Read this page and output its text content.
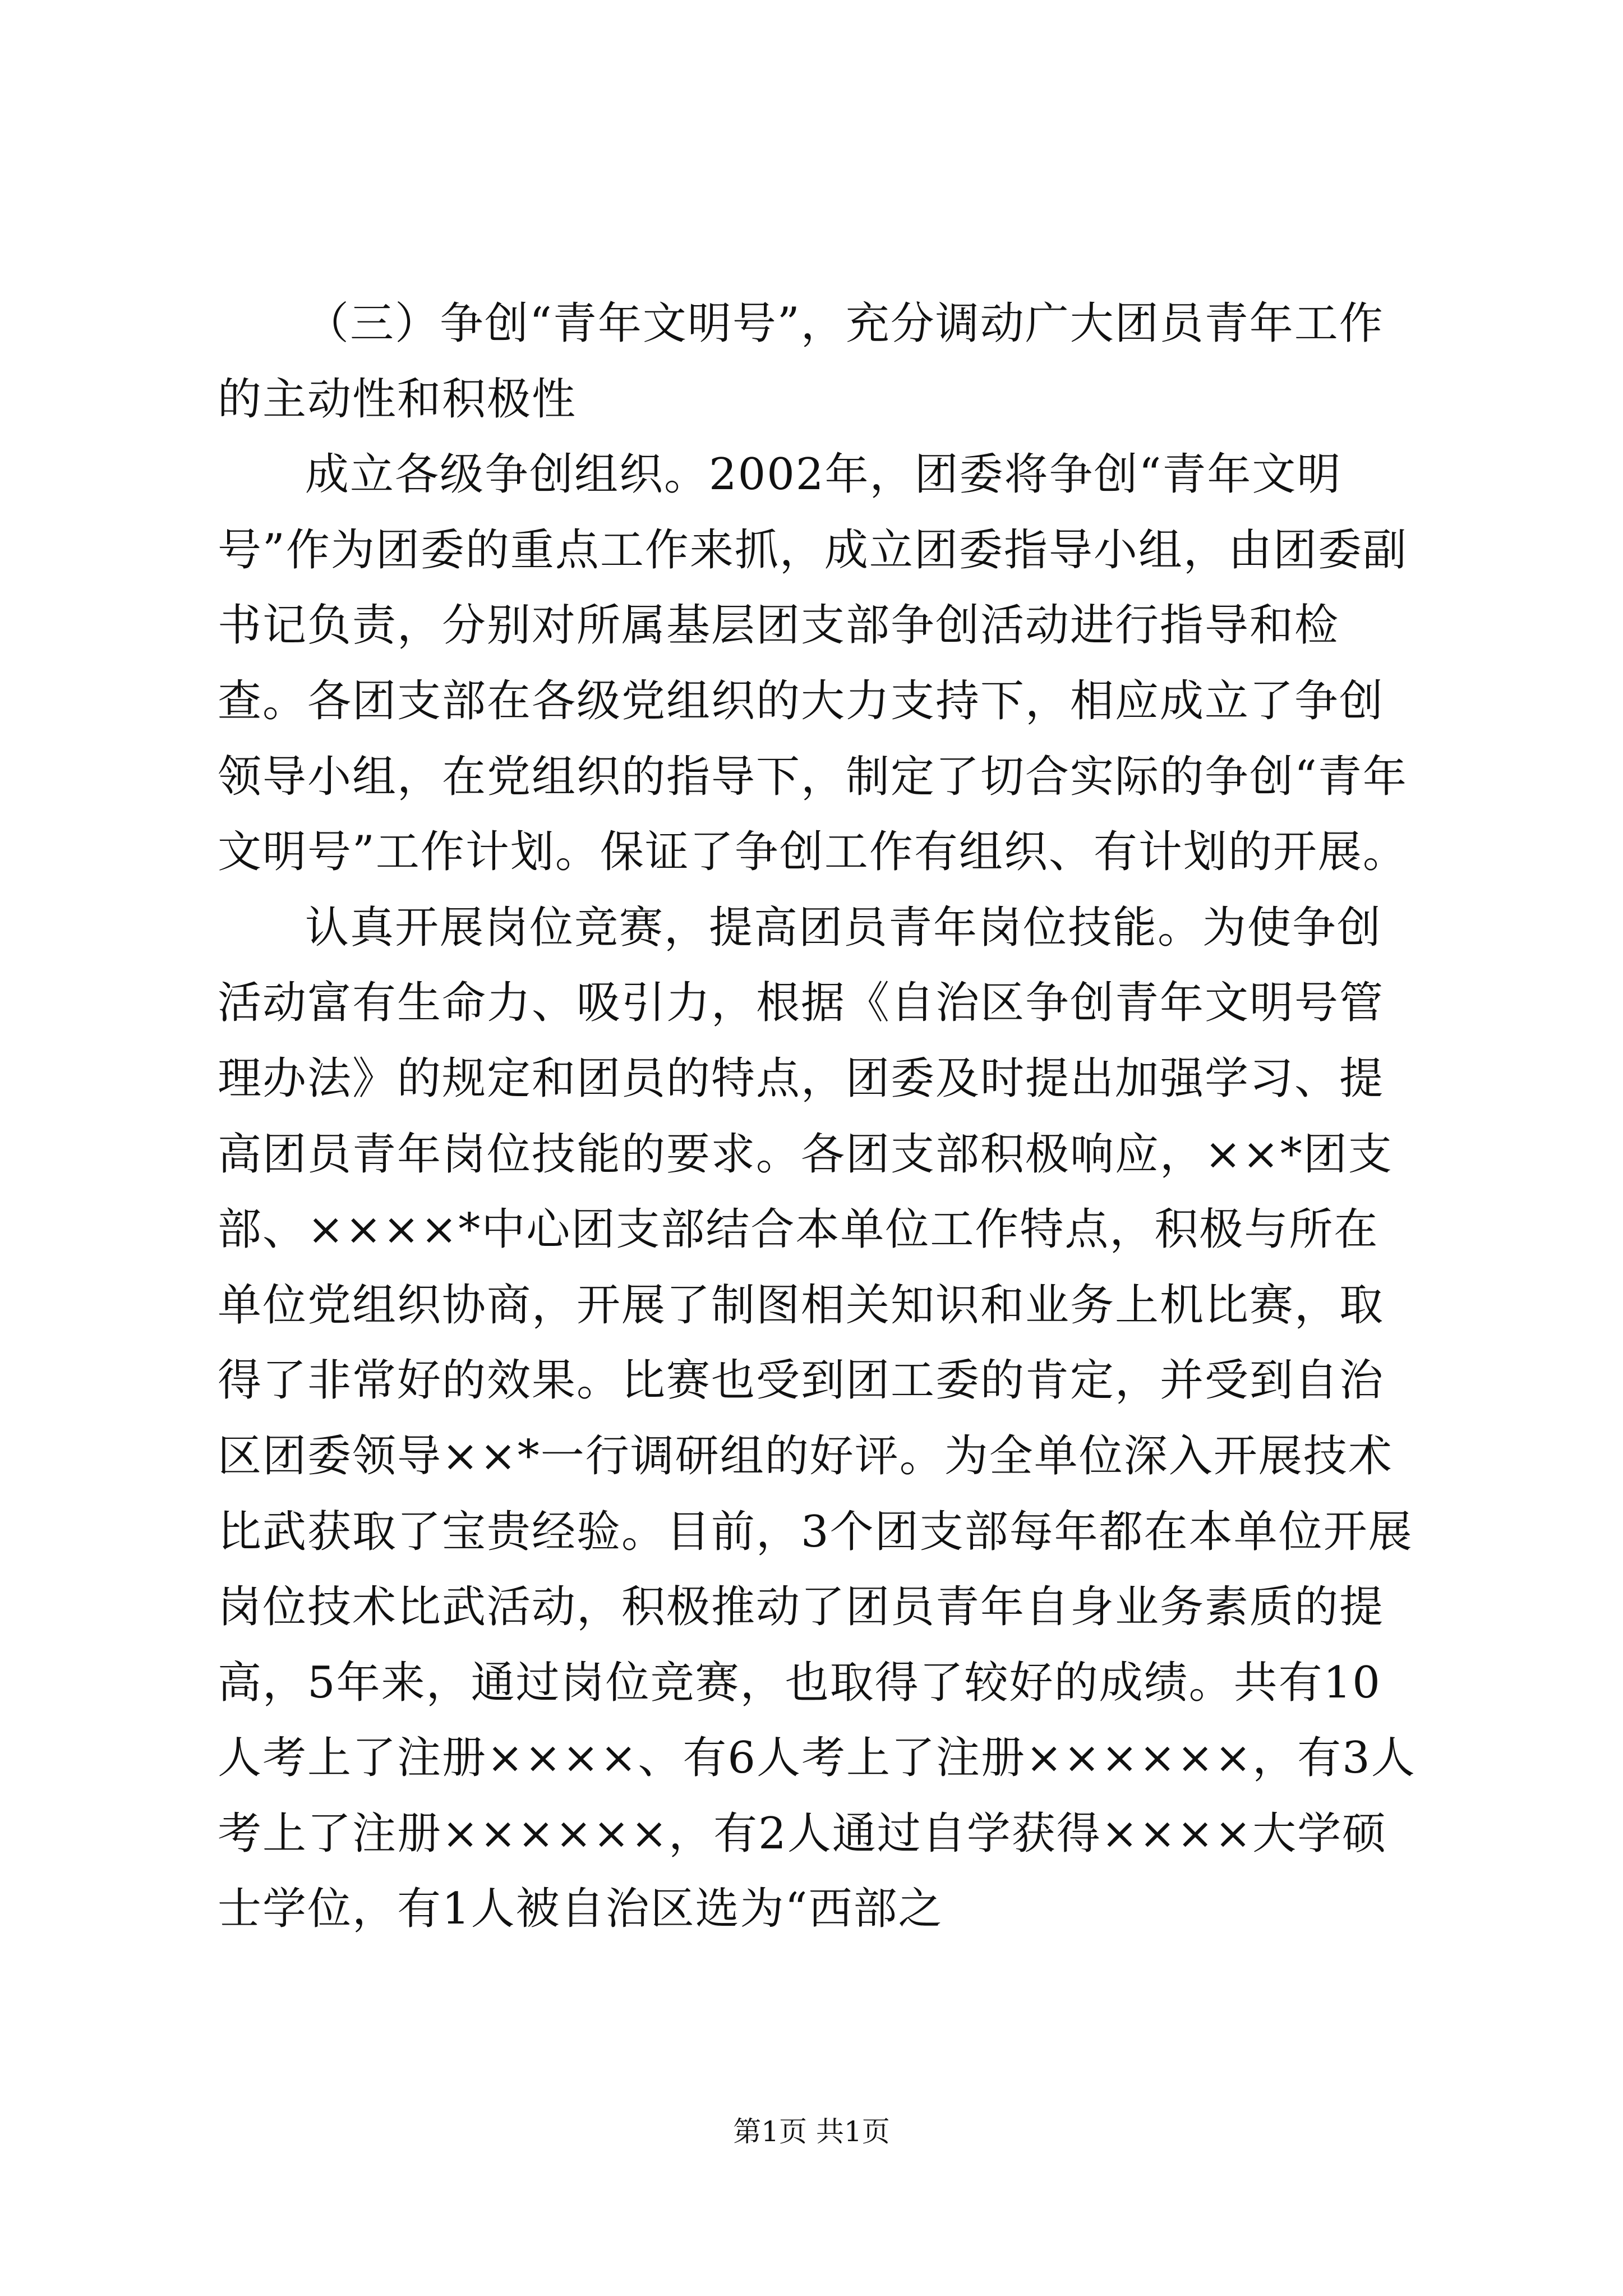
（三）争创“青年文明号”，充分调动广大团员青年工作的主动性和积极性

成立各级争创组织。2002年，团委将争创“青年文明号”作为团委的重点工作来抓，成立团委指导小组，由团委副书记负责，分别对所属基层团支部争创活动进行指导和检查。各团支部在各级党组织的大力支持下，相应成立了争创领导小组，在党组织的指导下，制定了切合实际的争创“青年文明号”工作计划。保证了争创工作有组织、有计划的开展。

认真开展岗位竞赛，提高团员青年岗位技能。为使争创活动富有生命力、吸引力，根据《自治区争创青年文明号管理办法》的规定和团员的特点，团委及时提出加强学习、提高团员青年岗位技能的要求。各团支部积极响应，××*团支部、××××*中心团支部结合本单位工作特点，积极与所在单位党组织协商，开展了制图相关知识和业务上机比赛，取得了非常好的效果。比赛也受到团工委的肯定，并受到自治区团委领导××*一行调研组的好评。为全单位深入开展技术比武获取了宝贵经验。目前，3个团支部每年都在本单位开展岗位技术比武活动，积极推动了团员青年自身业务素质的提高，5年来，通过岗位竞赛，也取得了较好的成绩。共有10人考上了注册××××、有6人考上了注册××××××，有3人考上了注册××××××，有2人通过自学获得××××大学硕士学位，有1人被自治区选为“西部之

第1页 共1页
